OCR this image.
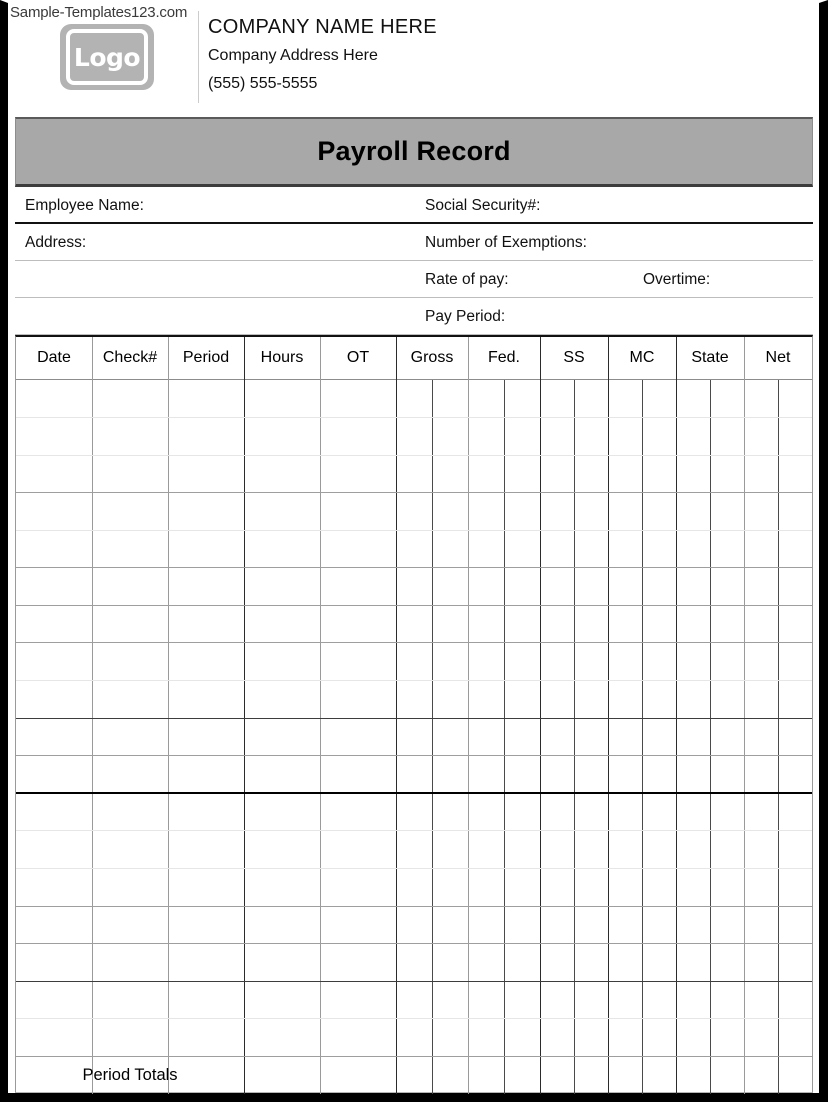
Sample-Templates123.com
Logo
COMPANY NAME HERE
Company Address Here
(555) 555-5555
Payroll Record
Employee Name:	Social Security#:
Address:	Number of Exemptions:
Rate of pay:	Overtime:
Pay Period:
Date	Check#	Period	Hours	OT	Gross	Fed.	SS	MC	State	Net
Period Totals
